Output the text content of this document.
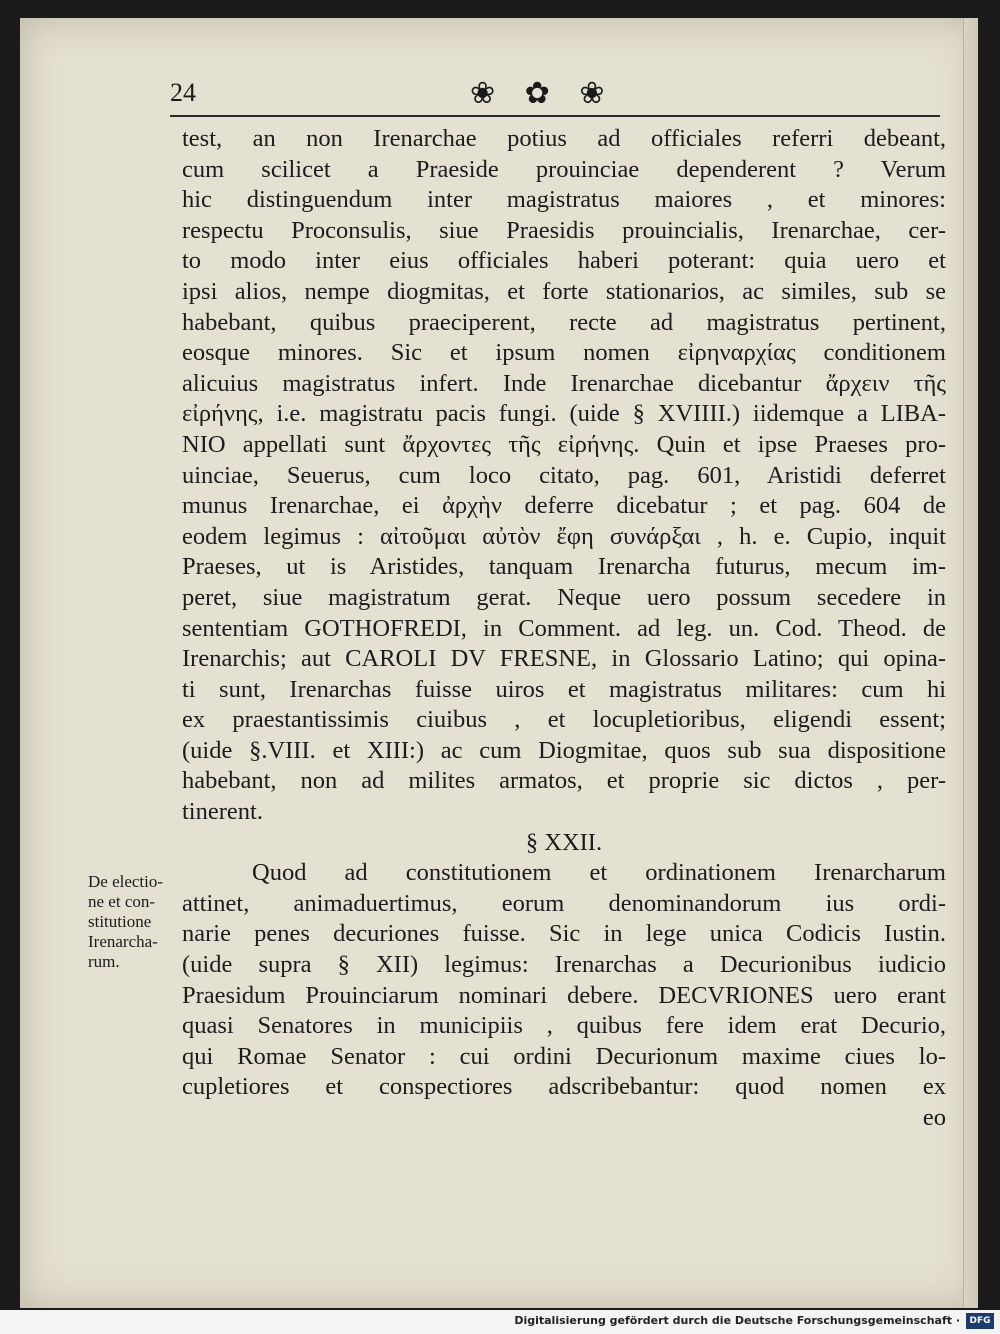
24	❀ ✿ ❀
test, an non Irenarchae potius ad officiales referri debeant,
cum scilicet a Praeside prouinciae dependerent ? Verum
hic distinguendum inter magistratus maiores , et minores:
respectu Proconsulis, siue Praesidis prouincialis, Irenarchae, cer-
to modo inter eius officiales haberi poterant: quia uero et
ipsi alios, nempe diogmitas, et forte stationarios, ac similes, sub se
habebant, quibus praeciperent, recte ad magistratus pertinent,
eosque minores. Sic et ipsum nomen εἰρηναρχίας conditionem
alicuius magistratus infert. Inde Irenarchae dicebantur ἄρχειν τῆς
εἰρήνης, i.e. magistratu pacis fungi. (uide § XVIIII.) iidemque a LIBA-
NIO appellati sunt ἄρχοντες τῆς εἰρήνης. Quin et ipse Praeses pro-
uinciae, Seuerus, cum loco citato, pag. 601, Aristidi deferret
munus Irenarchae, ei ἀρχὴν deferre dicebatur ; et pag. 604 de
eodem legimus : αἰτοῦμαι αὐτὸν ἔφη συνάρξαι , h. e. Cupio, inquit
Praeses, ut is Aristides, tanquam Irenarcha futurus, mecum im-
peret, siue magistratum gerat. Neque uero possum secedere in
sententiam GOTHOFREDI, in Comment. ad leg. un. Cod. Theod. de
Irenarchis; aut CAROLI DV FRESNE, in Glossario Latino; qui opina-
ti sunt, Irenarchas fuisse uiros et magistratus militares: cum hi
ex praestantissimis ciuibus , et locupletioribus, eligendi essent;
(uide §.VIII. et XIII:) ac cum Diogmitae, quos sub sua dispositione
habebant, non ad milites armatos, et proprie sic dictos , per-
tinerent.
§ XXII.
Quod ad constitutionem et ordinationem Irenarcharum
attinet, animaduertimus, eorum denominandorum ius ordi-
narie penes decuriones fuisse. Sic in lege unica Codicis Iustin.
(uide supra § XII) legimus: Irenarchas a Decurionibus iudicio
Praesidum Prouinciarum nominari debere. DECVRIONES uero erant
quasi Senatores in municipiis , quibus fere idem erat Decurio,
qui Romae Senator : cui ordini Decurionum maxime ciues lo-
cupletiores et conspectiores adscribebantur: quod nomen ex
eo
De electio-
ne et con-
stitutione
Irenarcha-
rum.
Digitalisierung gefördert durch die Deutsche Forschungsgemeinschaft ·	DFG
